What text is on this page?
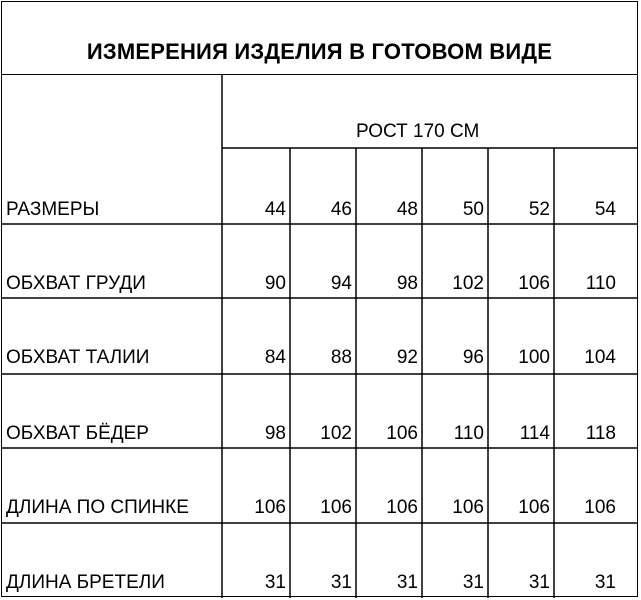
ИЗМЕРЕНИЯ ИЗДЕЛИЯ В ГОТОВОМ ВИДЕ
РОСТ 170 СМ
РАЗМЕРЫ	44	46	48	50	52	54
ОБХВАТ ГРУДИ	90	94	98	102	106	110
ОБХВАТ ТАЛИИ	84	88	92	96	100	104
ОБХВАТ БЁДЕР	98	102	106	110	114	118
ДЛИНА ПО СПИНКЕ	106	106	106	106	106	106
ДЛИНА БРЕТЕЛИ	31	31	31	31	31	31
